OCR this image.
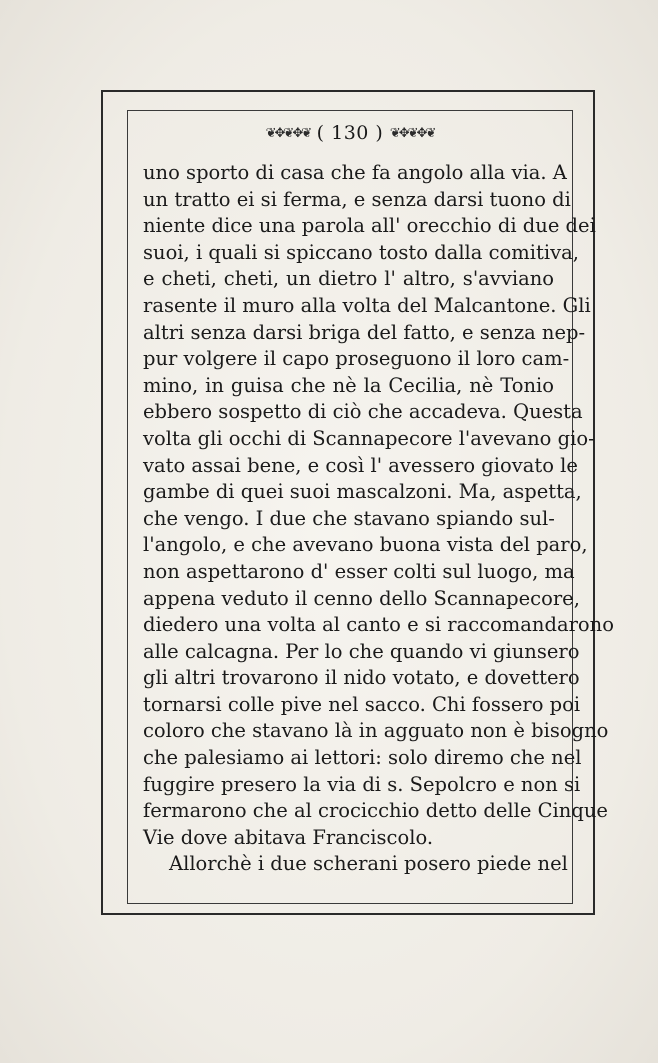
❦✥❦✥❦ ( 130 ) ❦✥❦✥❦
uno sporto di casa che fa angolo alla via. A
un tratto ei si ferma, e senza darsi tuono di
niente dice una parola all' orecchio di due dei
suoi, i quali si spiccano tosto dalla comitiva,
e cheti, cheti, un dietro l' altro, s'avviano
rasente il muro alla volta del Malcantone. Gli
altri senza darsi briga del fatto, e senza nep-
pur volgere il capo proseguono il loro cam-
mino, in guisa che nè la Cecilia, nè Tonio
ebbero sospetto di ciò che accadeva. Questa
volta gli occhi di Scannapecore l'avevano gio-
vato assai bene, e così l' avessero giovato le
gambe di quei suoi mascalzoni. Ma, aspetta,
che vengo. I due che stavano spiando sul-
l'angolo, e che avevano buona vista del paro,
non aspettarono d' esser colti sul luogo, ma
appena veduto il cenno dello Scannapecore,
diedero una volta al canto e si raccomandarono
alle calcagna. Per lo che quando vi giunsero
gli altri trovarono il nido votato, e dovettero
tornarsi colle pive nel sacco. Chi fossero poi
coloro che stavano là in agguato non è bisogno
che palesiamo ai lettori: solo diremo che nel
fuggire presero la via di s. Sepolcro e non si
fermarono che al crocicchio detto delle Cinque
Vie dove abitava Franciscolo.
Allorchè i due scherani posero piede nel
